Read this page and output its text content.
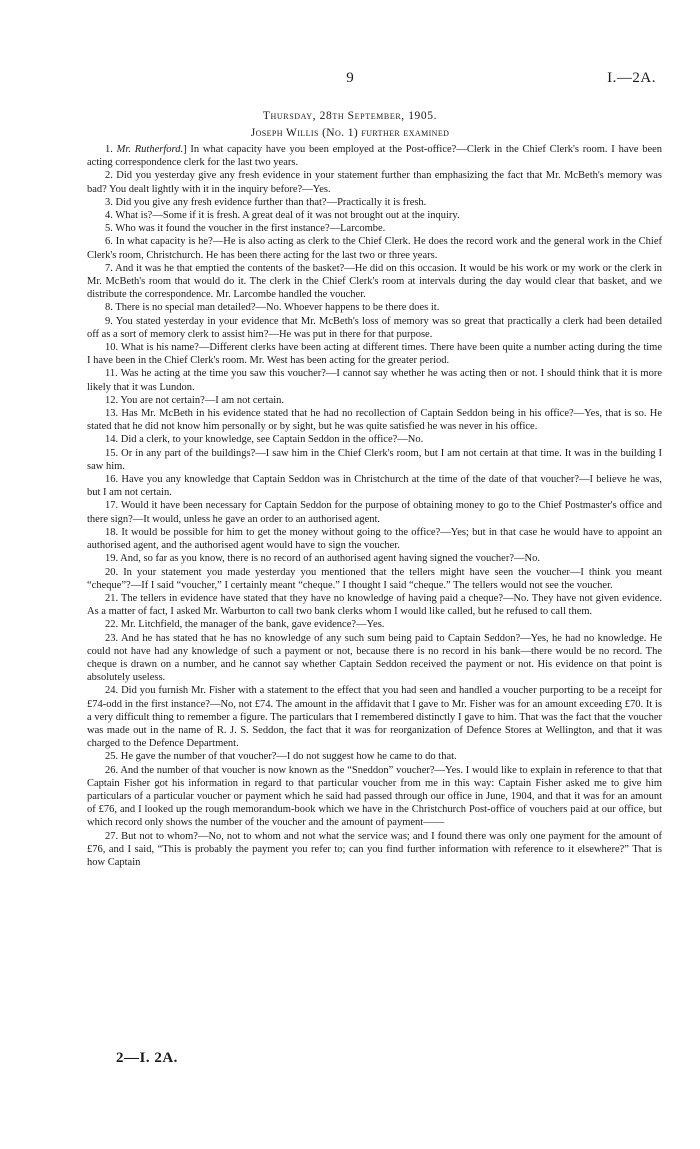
9	I.—2A.
Thursday, 28th September, 1905.
Joseph Willis (No. 1) further examined

1. Mr. Rutherford.] In what capacity have you been employed at the Post-office?—Clerk in the Chief Clerk's room. I have been acting correspondence clerk for the last two years.

2. Did you yesterday give any fresh evidence in your statement further than emphasizing the fact that Mr. McBeth's memory was bad? You dealt lightly with it in the inquiry before?—Yes.

3. Did you give any fresh evidence further than that?—Practically it is fresh.

4. What is?—Some if it is fresh. A great deal of it was not brought out at the inquiry.

5. Who was it found the voucher in the first instance?—Larcombe.

6. In what capacity is he?—He is also acting as clerk to the Chief Clerk. He does the record work and the general work in the Chief Clerk's room, Christchurch. He has been there acting for the last two or three years.

7. And it was he that emptied the contents of the basket?—He did on this occasion. It would be his work or my work or the clerk in Mr. McBeth's room that would do it. The clerk in the Chief Clerk's room at intervals during the day would clear that basket, and we distribute the correspondence. Mr. Larcombe handled the voucher.

8. There is no special man detailed?—No. Whoever happens to be there does it.

9. You stated yesterday in your evidence that Mr. McBeth's loss of memory was so great that practically a clerk had been detailed off as a sort of memory clerk to assist him?—He was put in there for that purpose.

10. What is his name?—Different clerks have been acting at different times. There have been quite a number acting during the time I have been in the Chief Clerk's room. Mr. West has been acting for the greater period.

11. Was he acting at the time you saw this voucher?—I cannot say whether he was acting then or not. I should think that it is more likely that it was Lundon.

12. You are not certain?—I am not certain.

13. Has Mr. McBeth in his evidence stated that he had no recollection of Captain Seddon being in his office?—Yes, that is so. He stated that he did not know him personally or by sight, but he was quite satisfied he was never in his office.

14. Did a clerk, to your knowledge, see Captain Seddon in the office?—No.

15. Or in any part of the buildings?—I saw him in the Chief Clerk's room, but I am not certain at that time. It was in the building I saw him.

16. Have you any knowledge that Captain Seddon was in Christchurch at the time of the date of that voucher?—I believe he was, but I am not certain.

17. Would it have been necessary for Captain Seddon for the purpose of obtaining money to go to the Chief Postmaster's office and there sign?—It would, unless he gave an order to an authorised agent.

18. It would be possible for him to get the money without going to the office?—Yes; but in that case he would have to appoint an authorised agent, and the authorised agent would have to sign the voucher.

19. And, so far as you know, there is no record of an authorised agent having signed the voucher?—No.

20. In your statement you made yesterday you mentioned that the tellers might have seen the voucher—I think you meant “cheque”?—If I said “voucher,” I certainly meant “cheque.” I thought I said “cheque.” The tellers would not see the voucher.

21. The tellers in evidence have stated that they have no knowledge of having paid a cheque?—No. They have not given evidence. As a matter of fact, I asked Mr. Warburton to call two bank clerks whom I would like called, but he refused to call them.

22. Mr. Litchfield, the manager of the bank, gave evidence?—Yes.

23. And he has stated that he has no knowledge of any such sum being paid to Captain Seddon?—Yes, he had no knowledge. He could not have had any knowledge of such a payment or not, because there is no record in his bank—there would be no record. The cheque is drawn on a number, and he cannot say whether Captain Seddon received the payment or not. His evidence on that point is absolutely useless.

24. Did you furnish Mr. Fisher with a statement to the effect that you had seen and handled a voucher purporting to be a receipt for £74-odd in the first instance?—No, not £74. The amount in the affidavit that I gave to Mr. Fisher was for an amount exceeding £70. It is a very difficult thing to remember a figure. The particulars that I remembered distinctly I gave to him. That was the fact that the voucher was made out in the name of R. J. S. Seddon, the fact that it was for reorganization of Defence Stores at Wellington, and that it was charged to the Defence Department.

25. He gave the number of that voucher?—I do not suggest how he came to do that.

26. And the number of that voucher is now known as the “Sneddon” voucher?—Yes. I would like to explain in reference to that that Captain Fisher got his information in regard to that particular voucher from me in this way: Captain Fisher asked me to give him particulars of a particular voucher or payment which he said had passed through our office in June, 1904, and that it was for an amount of £76, and I looked up the rough memorandum-book which we have in the Christchurch Post-office of vouchers paid at our office, but which record only shows the number of the voucher and the amount of payment——

27. But not to whom?—No, not to whom and not what the service was; and I found there was only one payment for the amount of £76, and I said, “This is probably the payment you refer to; can you find further information with reference to it elsewhere?” That is how Captain

2—I. 2A.
